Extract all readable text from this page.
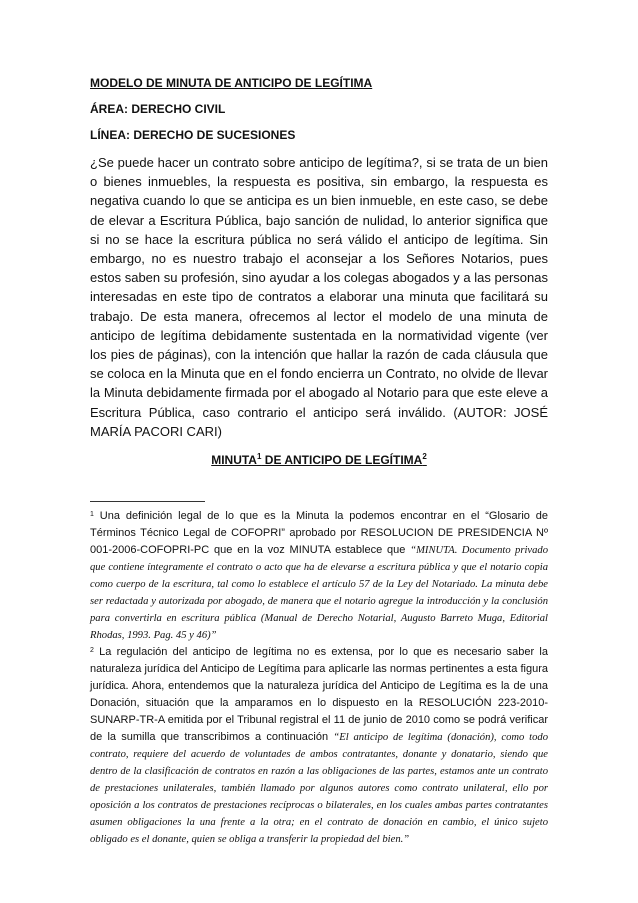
MODELO DE MINUTA DE ANTICIPO DE LEGÍTIMA

ÁREA: DERECHO CIVIL

LÍNEA: DERECHO DE SUCESIONES

¿Se puede hacer un contrato sobre anticipo de legítima?, si se trata de un bien o bienes inmuebles, la respuesta es positiva, sin embargo, la respuesta es negativa cuando lo que se anticipa es un bien inmueble, en este caso, se debe de elevar a Escritura Pública, bajo sanción de nulidad, lo anterior significa que si no se hace la escritura pública no será válido el anticipo de legítima. Sin embargo, no es nuestro trabajo el aconsejar a los Señores Notarios, pues estos saben su profesión, sino ayudar a los colegas abogados y a las personas interesadas en este tipo de contratos a elaborar una minuta que facilitará su trabajo. De esta manera, ofrecemos al lector el modelo de una minuta de anticipo de legítima debidamente sustentada en la normatividad vigente (ver los pies de páginas), con la intención que hallar la razón de cada cláusula que se coloca en la Minuta que en el fondo encierra un Contrato, no olvide de llevar la Minuta debidamente firmada por el abogado al Notario para que este eleve a Escritura Pública, caso contrario el anticipo será inválido. (AUTOR: JOSÉ MARÍA PACORI CARI)

MINUTA$^1$ DE ANTICIPO DE LEGÍTIMA$^2$

$^1$ Una definición legal de lo que es la Minuta la podemos encontrar en el “Glosario de Términos Técnico Legal de COFOPRI” aprobado por RESOLUCION DE PRESIDENCIA Nº 001-2006-COFOPRI-PC que en la voz MINUTA establece que “MINUTA. Documento privado que contiene íntegramente el contrato o acto que ha de elevarse a escritura pública y que el notario copia como cuerpo de la escritura, tal como lo establece el artículo 57 de la Ley del Notariado. La minuta debe ser redactada y autorizada por abogado, de manera que el notario agregue la introducción y la conclusión para convertirla en escritura pública (Manual de Derecho Notarial, Augusto Barreto Muga, Editorial Rhodas, 1993. Pag. 45 y 46)”

$^2$ La regulación del anticipo de legítima no es extensa, por lo que es necesario saber la naturaleza jurídica del Anticipo de Legítima para aplicarle las normas pertinentes a esta figura jurídica. Ahora, entendemos que la naturaleza jurídica del Anticipo de Legítima es la de una Donación, situación que la amparamos en lo dispuesto en la RESOLUCIÓN 223-2010-SUNARP-TR-A emitida por el Tribunal registral el 11 de junio de 2010 como se podrá verificar de la sumilla que transcribimos a continuación “El anticipo de legítima (donación), como todo contrato, requiere del acuerdo de voluntades de ambos contratantes, donante y donatario, siendo que dentro de la clasificación de contratos en razón a las obligaciones de las partes, estamos ante un contrato de prestaciones unilaterales, también llamado por algunos autores como contrato unilateral, ello por oposición a los contratos de prestaciones recíprocas o bilaterales, en los cuales ambas partes contratantes asumen obligaciones la una frente a la otra; en el contrato de donación en cambio, el único sujeto obligado es el donante, quien se obliga a transferir la propiedad del bien.”
